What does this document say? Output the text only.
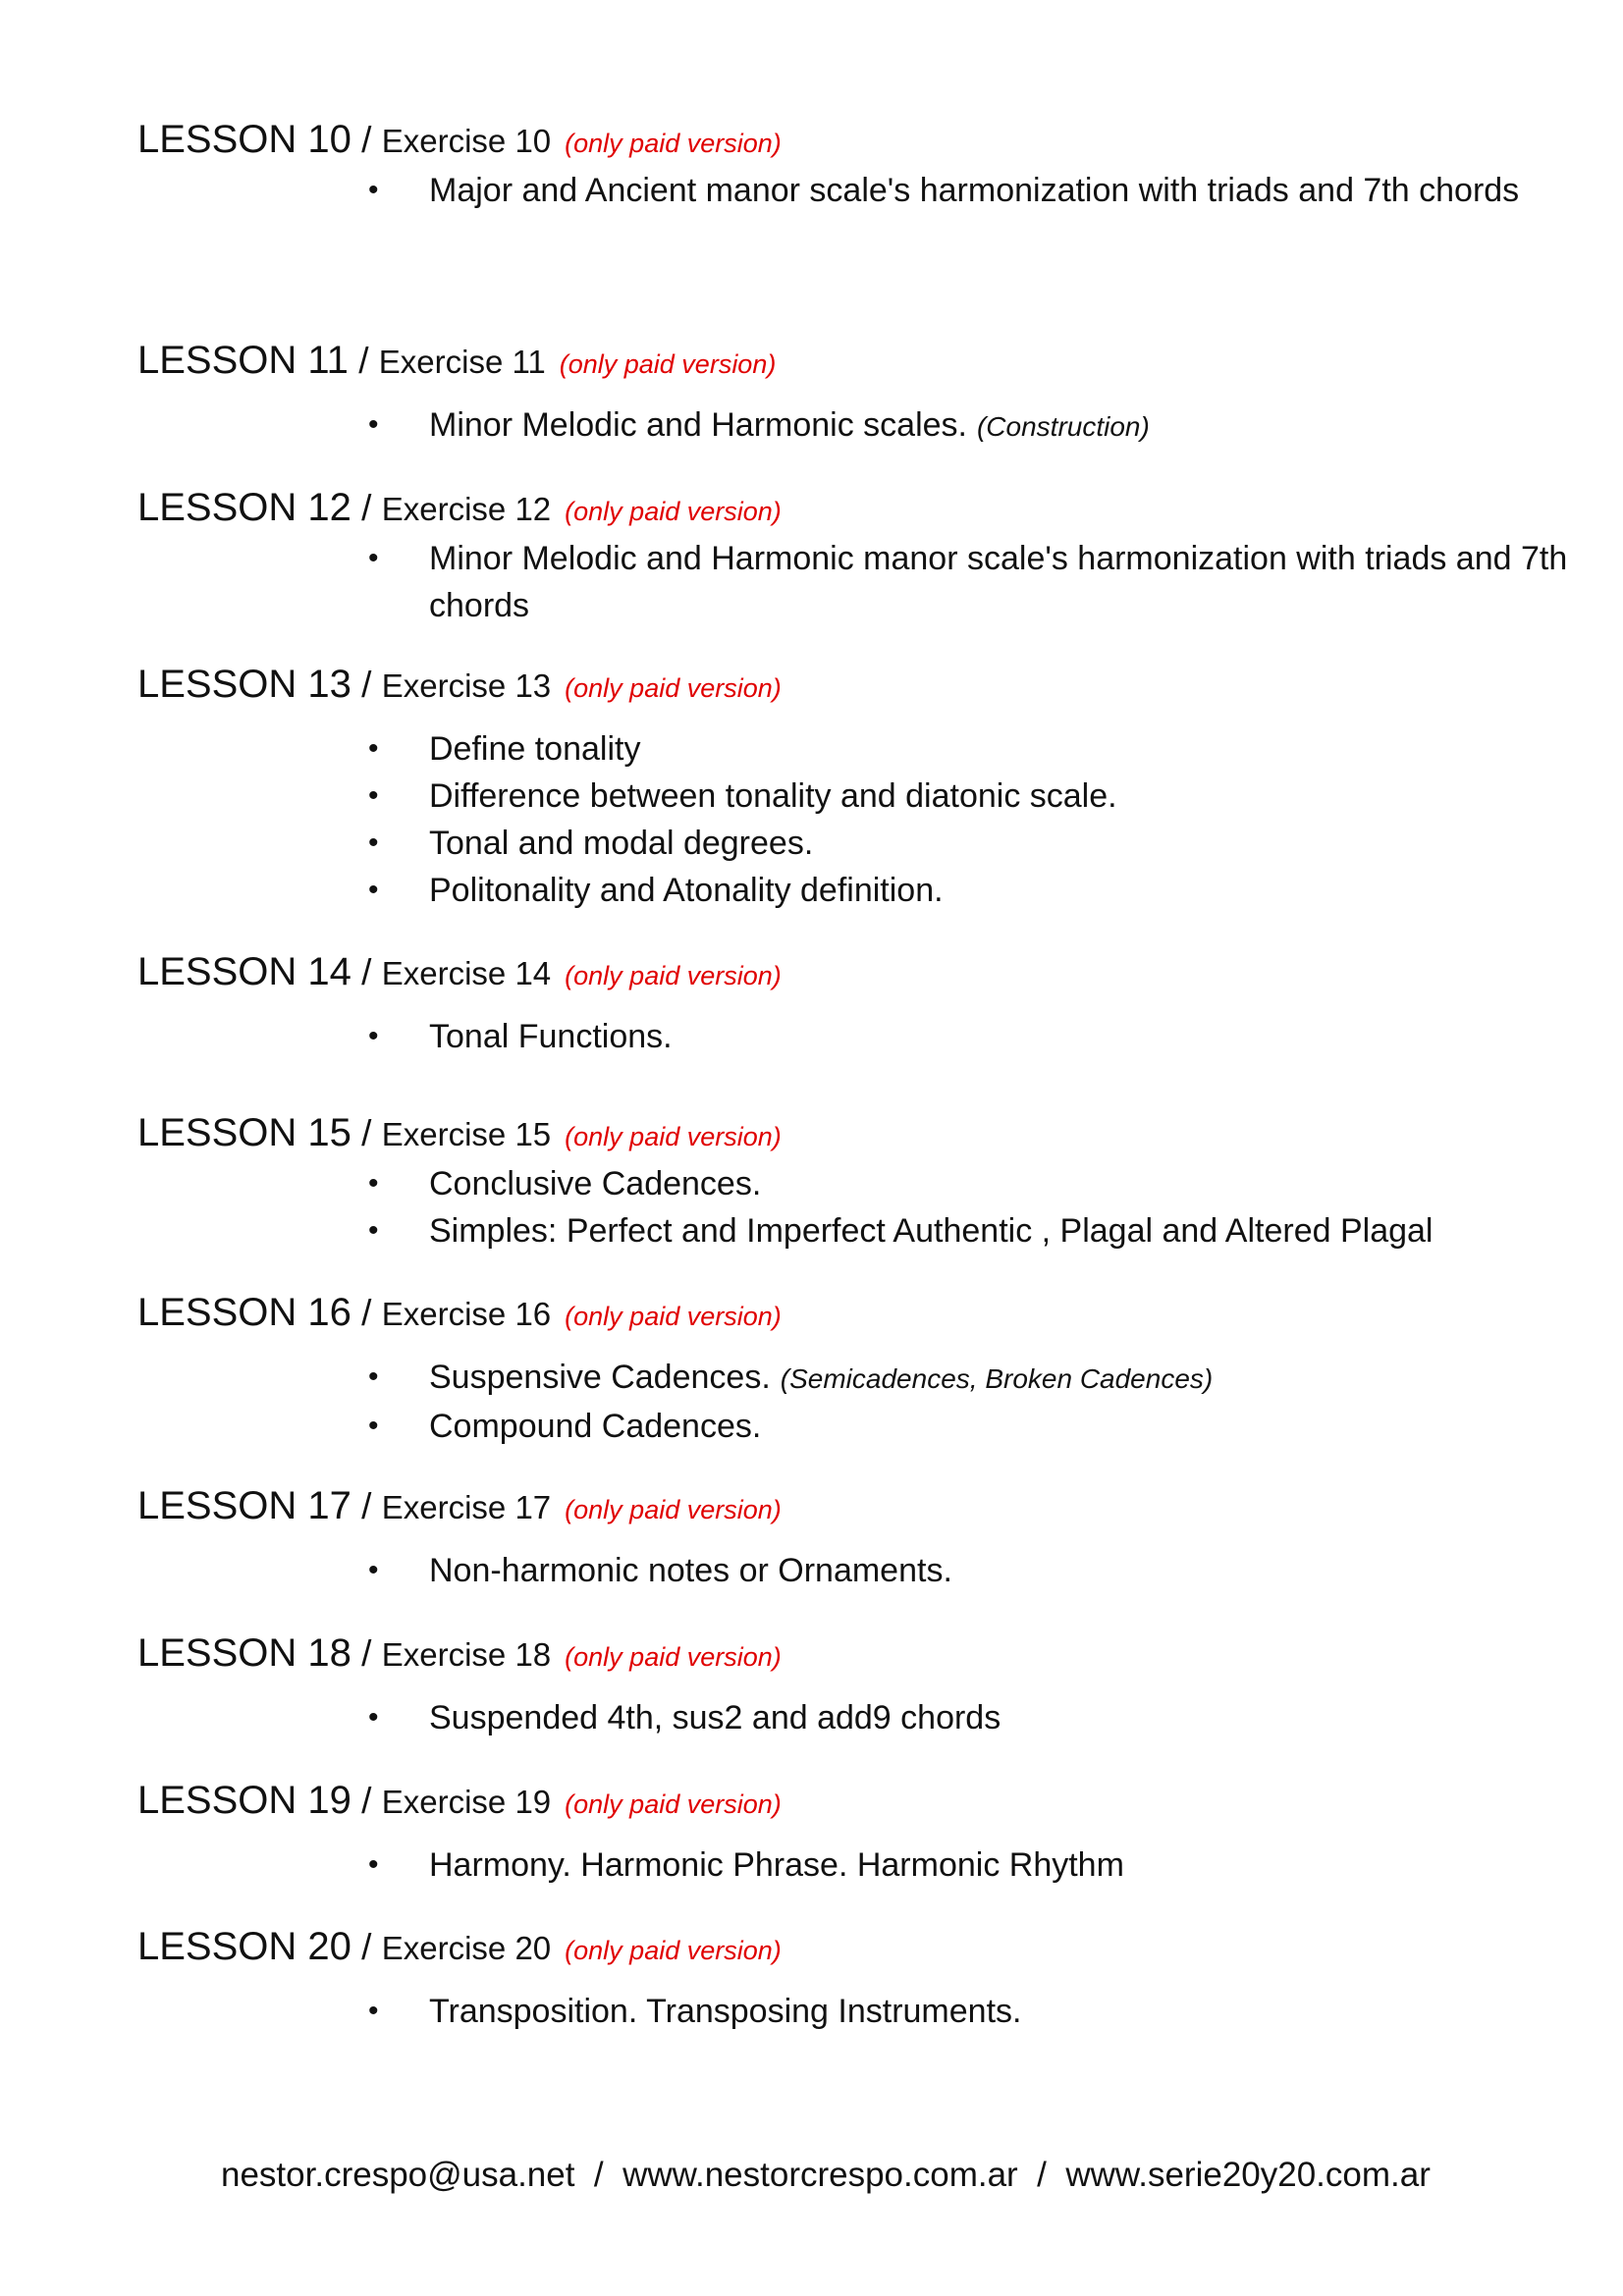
LESSON 10 / Exercise 10 (only paid version)
• Major and Ancient manor scale's harmonization with triads and 7th chords
LESSON 11 / Exercise 11 (only paid version)
• Minor Melodic and Harmonic scales. (Construction)
LESSON 12 / Exercise 12 (only paid version)
• Minor Melodic and Harmonic manor scale's harmonization with triads and 7th chords
LESSON 13 / Exercise 13 (only paid version)
• Define tonality
• Difference between tonality and diatonic scale.
• Tonal and modal degrees.
• Politonality and Atonality definition.
LESSON 14 / Exercise 14 (only paid version)
• Tonal Functions.
LESSON 15 / Exercise 15 (only paid version)
• Conclusive Cadences.
• Simples: Perfect and Imperfect Authentic , Plagal and Altered Plagal
LESSON 16 / Exercise 16 (only paid version)
• Suspensive Cadences. (Semicadences, Broken Cadences)
• Compound Cadences.
LESSON 17 / Exercise 17 (only paid version)
• Non-harmonic notes or Ornaments.
LESSON 18 / Exercise 18 (only paid version)
• Suspended 4th, sus2 and add9 chords
LESSON 19 / Exercise 19 (only paid version)
• Harmony. Harmonic Phrase. Harmonic Rhythm
LESSON 20 / Exercise 20 (only paid version)
• Transposition. Transposing Instruments.
nestor.crespo@usa.net  /  www.nestorcrespo.com.ar  /  www.serie20y20.com.ar
